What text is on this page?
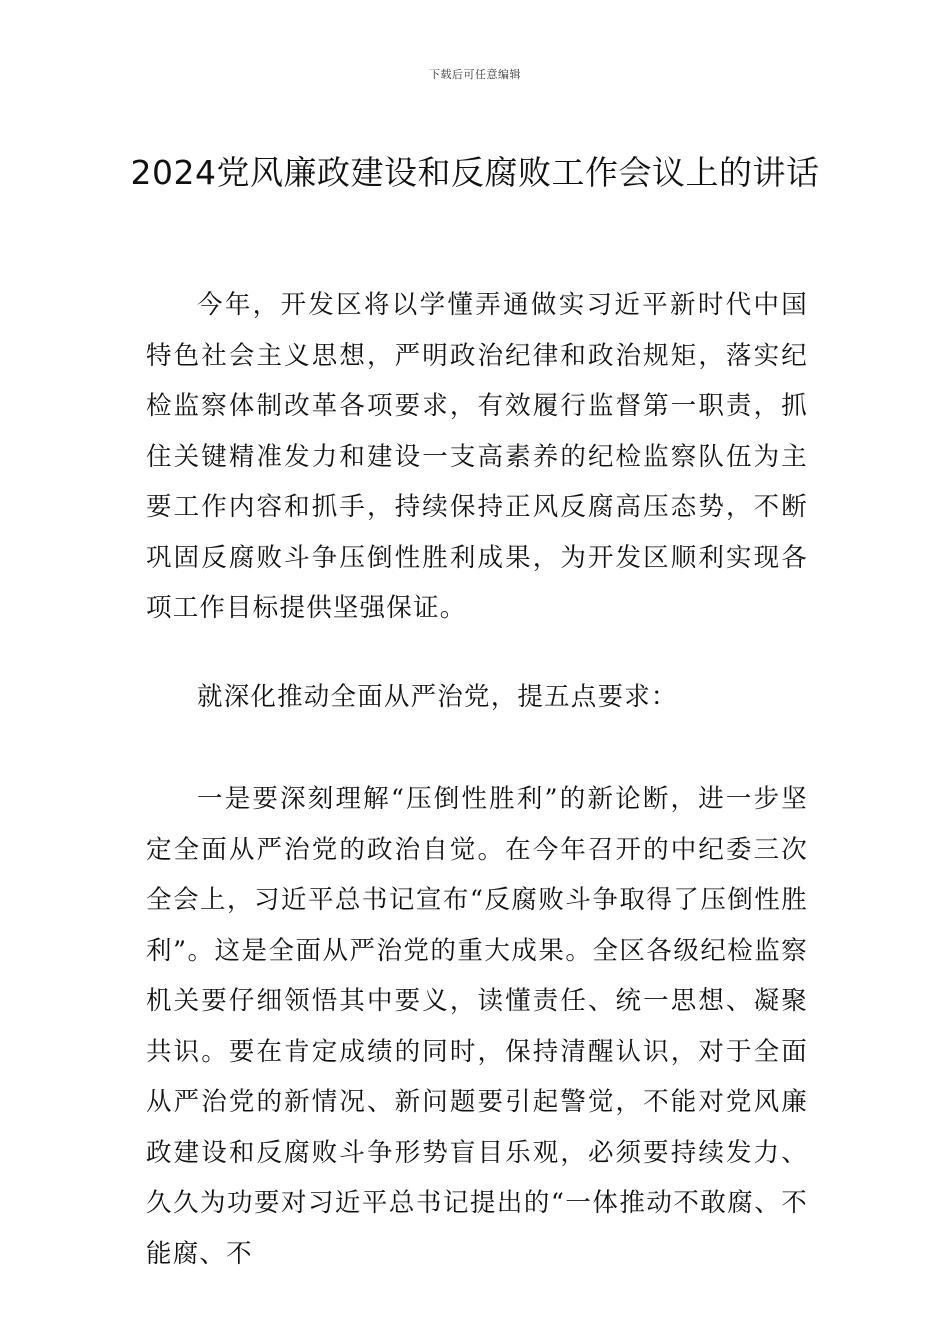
下载后可任意编辑
2024党风廉政建设和反腐败工作会议上的讲话

今年，开发区将以学懂弄通做实习近平新时代中国特色社会主义思想，严明政治纪律和政治规矩，落实纪检监察体制改革各项要求，有效履行监督第一职责，抓住关键精准发力和建设一支高素养的纪检监察队伍为主要工作内容和抓手，持续保持正风反腐高压态势，不断巩固反腐败斗争压倒性胜利成果，为开发区顺利实现各项工作目标提供坚强保证。

就深化推动全面从严治党，提五点要求：

一是要深刻理解“压倒性胜利”的新论断，进一步坚定全面从严治党的政治自觉。在今年召开的中纪委三次全会上，习近平总书记宣布“反腐败斗争取得了压倒性胜利”。这是全面从严治党的重大成果。全区各级纪检监察机关要仔细领悟其中要义，读懂责任、统一思想、凝聚共识。要在肯定成绩的同时，保持清醒认识，对于全面从严治党的新情况、新问题要引起警觉，不能对党风廉政建设和反腐败斗争形势盲目乐观，必须要持续发力、久久为功要对习近平总书记提出的“一体推动不敢腐、不能腐、不
